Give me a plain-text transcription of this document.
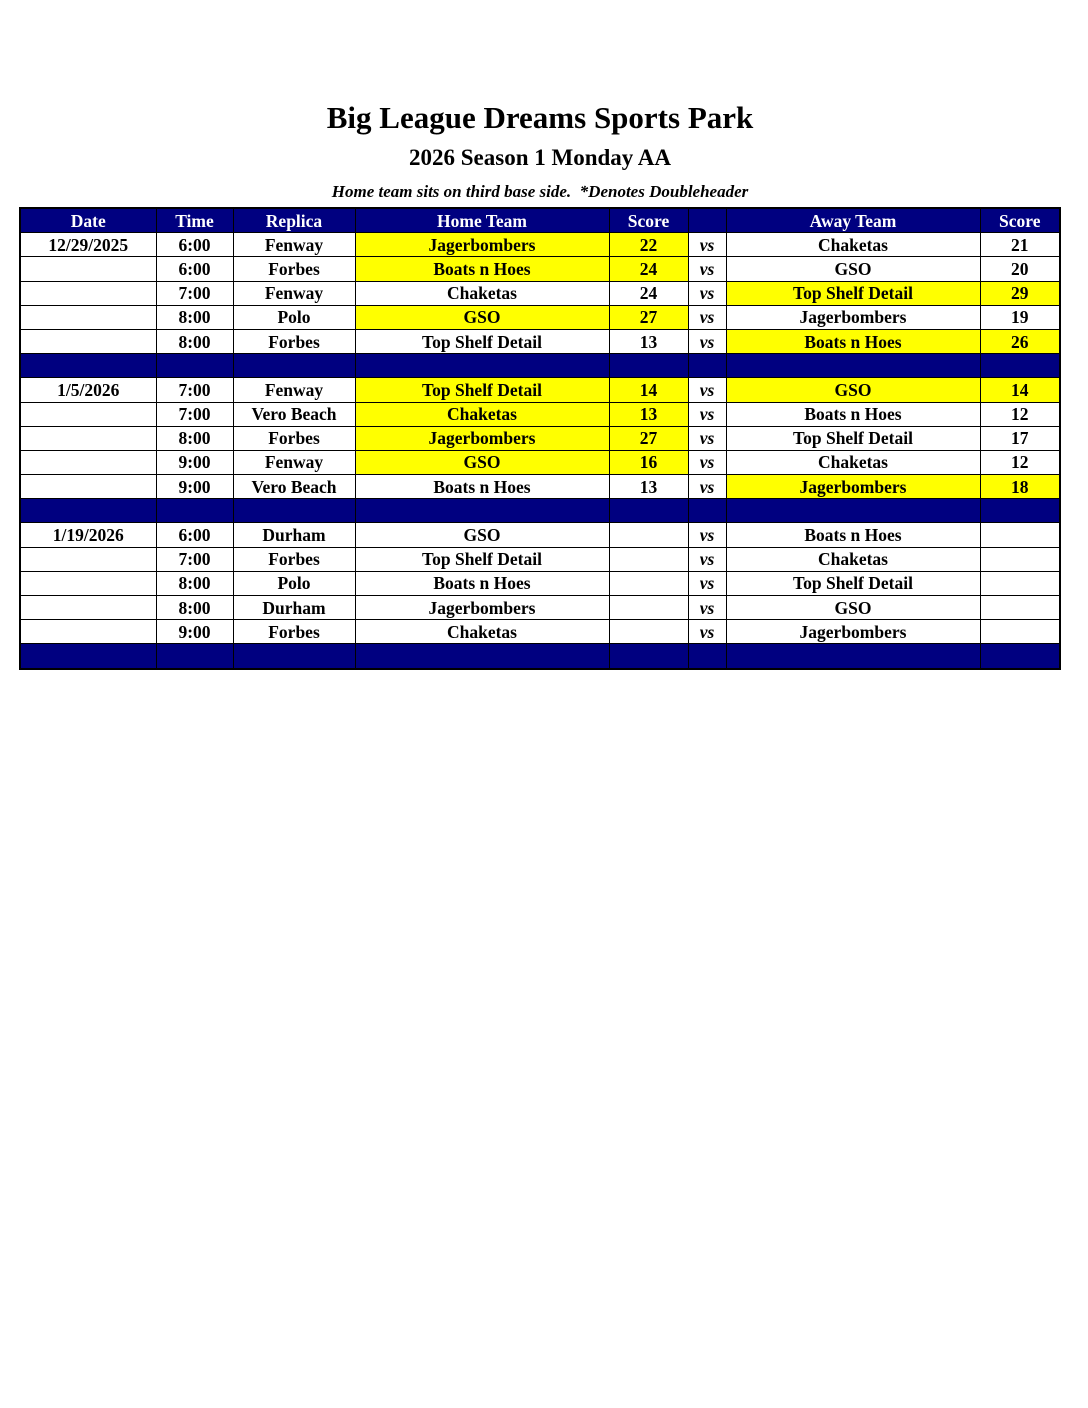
Big League Dreams Sports Park
2026 Season 1 Monday AA
Home team sits on third base side.  *Denotes Doubleheader
Date	Time	Replica	Home Team	Score		Away Team	Score
12/29/2025	6:00	Fenway	Jagerbombers	22	vs	Chaketas	21
	6:00	Forbes	Boats n Hoes	24	vs	GSO	20
	7:00	Fenway	Chaketas	24	vs	Top Shelf Detail	29
	8:00	Polo	GSO	27	vs	Jagerbombers	19
	8:00	Forbes	Top Shelf Detail	13	vs	Boats n Hoes	26

1/5/2026	7:00	Fenway	Top Shelf Detail	14	vs	GSO	14
	7:00	Vero Beach	Chaketas	13	vs	Boats n Hoes	12
	8:00	Forbes	Jagerbombers	27	vs	Top Shelf Detail	17
	9:00	Fenway	GSO	16	vs	Chaketas	12
	9:00	Vero Beach	Boats n Hoes	13	vs	Jagerbombers	18

1/19/2026	6:00	Durham	GSO		vs	Boats n Hoes	
	7:00	Forbes	Top Shelf Detail		vs	Chaketas	
	8:00	Polo	Boats n Hoes		vs	Top Shelf Detail	
	8:00	Durham	Jagerbombers		vs	GSO	
	9:00	Forbes	Chaketas		vs	Jagerbombers	
